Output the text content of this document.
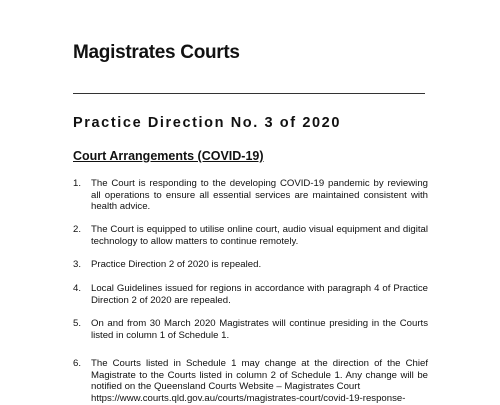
Magistrates Courts
Practice Direction No. 3 of 2020
Court Arrangements (COVID-19)
1.	The Court is responding to the developing COVID-19 pandemic by reviewing all operations to ensure all essential services are maintained consistent with health advice.
2.	The Court is equipped to utilise online court, audio visual equipment and digital technology to allow matters to continue remotely.
3.	Practice Direction 2 of 2020 is repealed.
4.	Local Guidelines issued for regions in accordance with paragraph 4 of Practice Direction 2 of 2020 are repealed.
5.	On and from 30 March 2020 Magistrates will continue presiding in the Courts listed in column 1 of Schedule 1.
6.	The Courts listed in Schedule 1 may change at the direction of the Chief Magistrate to the Courts listed in column 2 of Schedule 1. Any change will be notified on the Queensland Courts Website – Magistrates Court
https://www.courts.qld.gov.au/courts/magistrates-court/covid-19-response-
